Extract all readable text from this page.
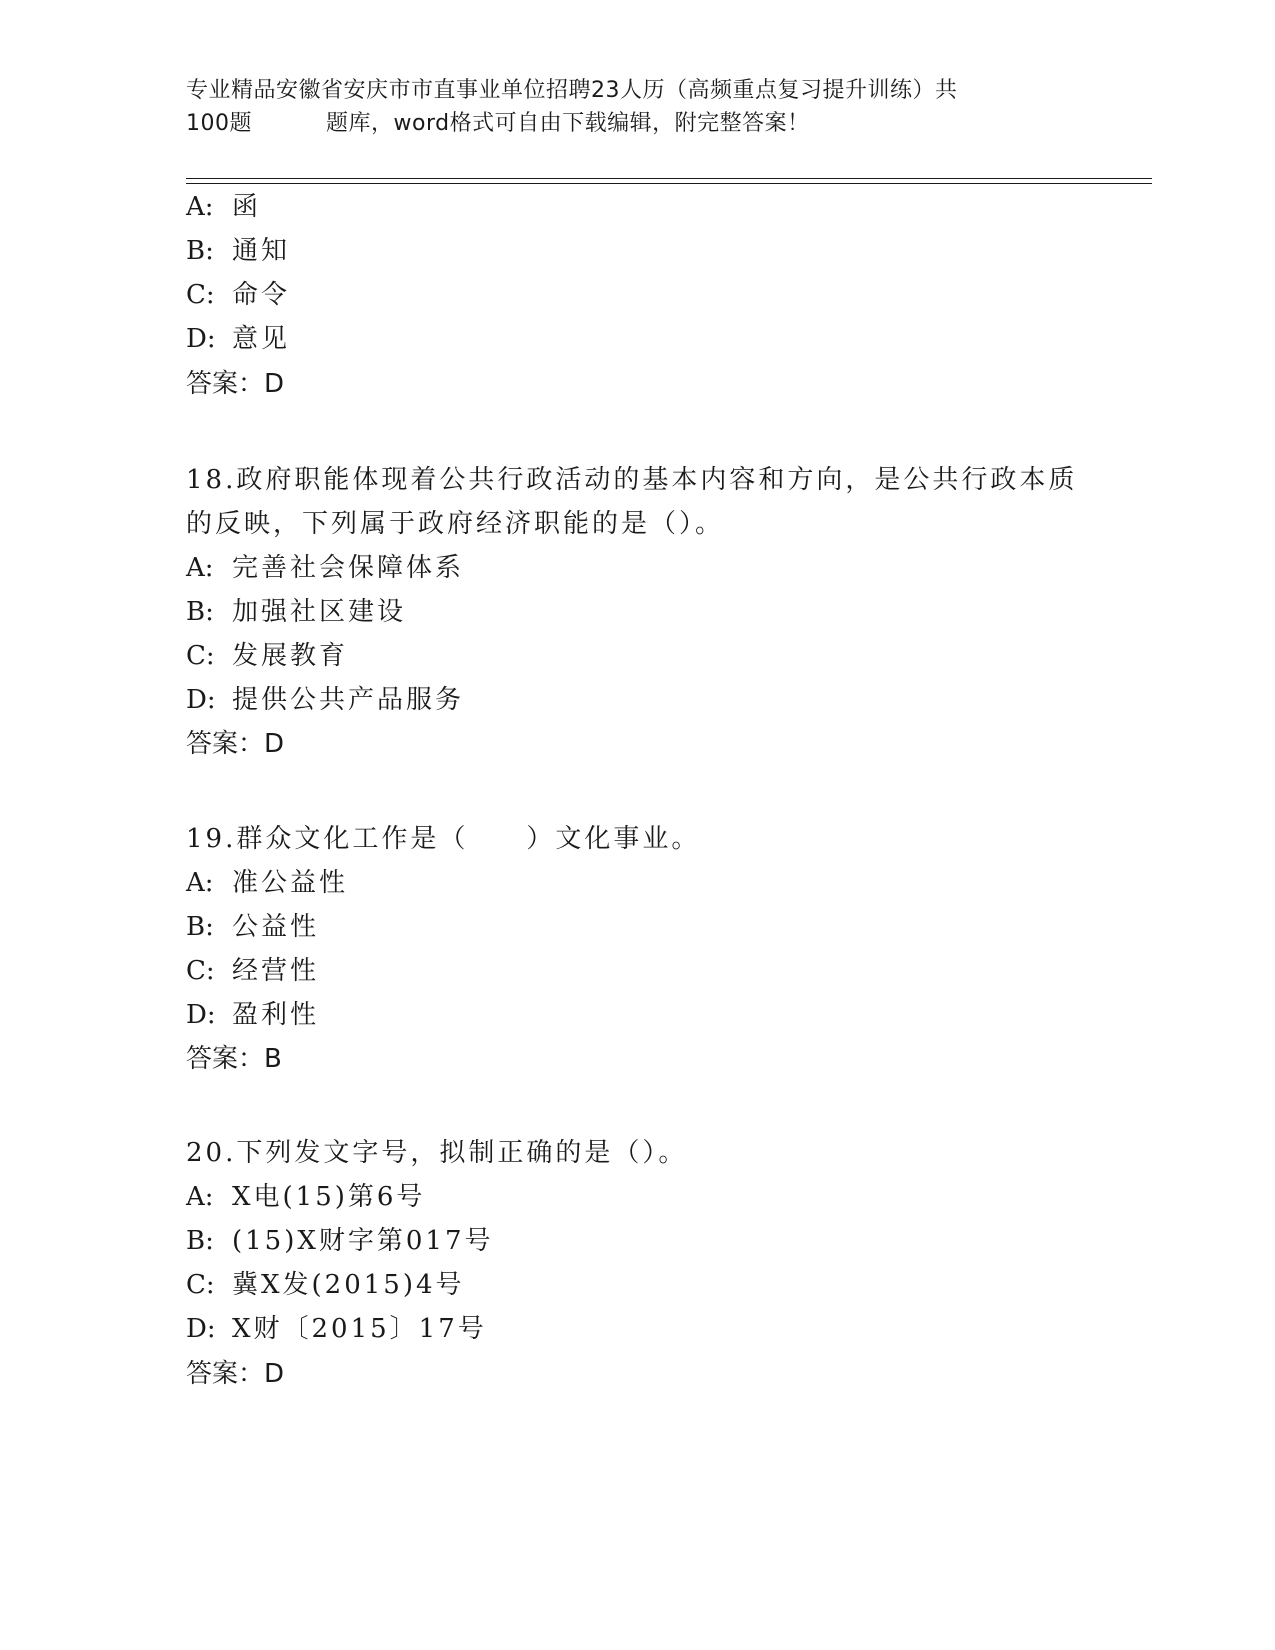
专业精品安徽省安庆市市直事业单位招聘23人历（高频重点复习提升训练）共
100题	题库，word格式可自由下载编辑，附完整答案！
A: 函
B: 通知
C: 命令
D: 意见
答案：D
18.政府职能体现着公共行政活动的基本内容和方向，是公共行政本质
的反映，下列属于政府经济职能的是（）。
A: 完善社会保障体系
B: 加强社区建设
C: 发展教育
D: 提供公共产品服务
答案：D
19.群众文化工作是（　　）文化事业。
A: 准公益性
B: 公益性
C: 经营性
D: 盈利性
答案：B
20.下列发文字号，拟制正确的是（）。
A: X电(15)第6号
B: (15)X财字第017号
C: 冀X发(2015)4号
D: X财〔2015〕17号
答案：D
